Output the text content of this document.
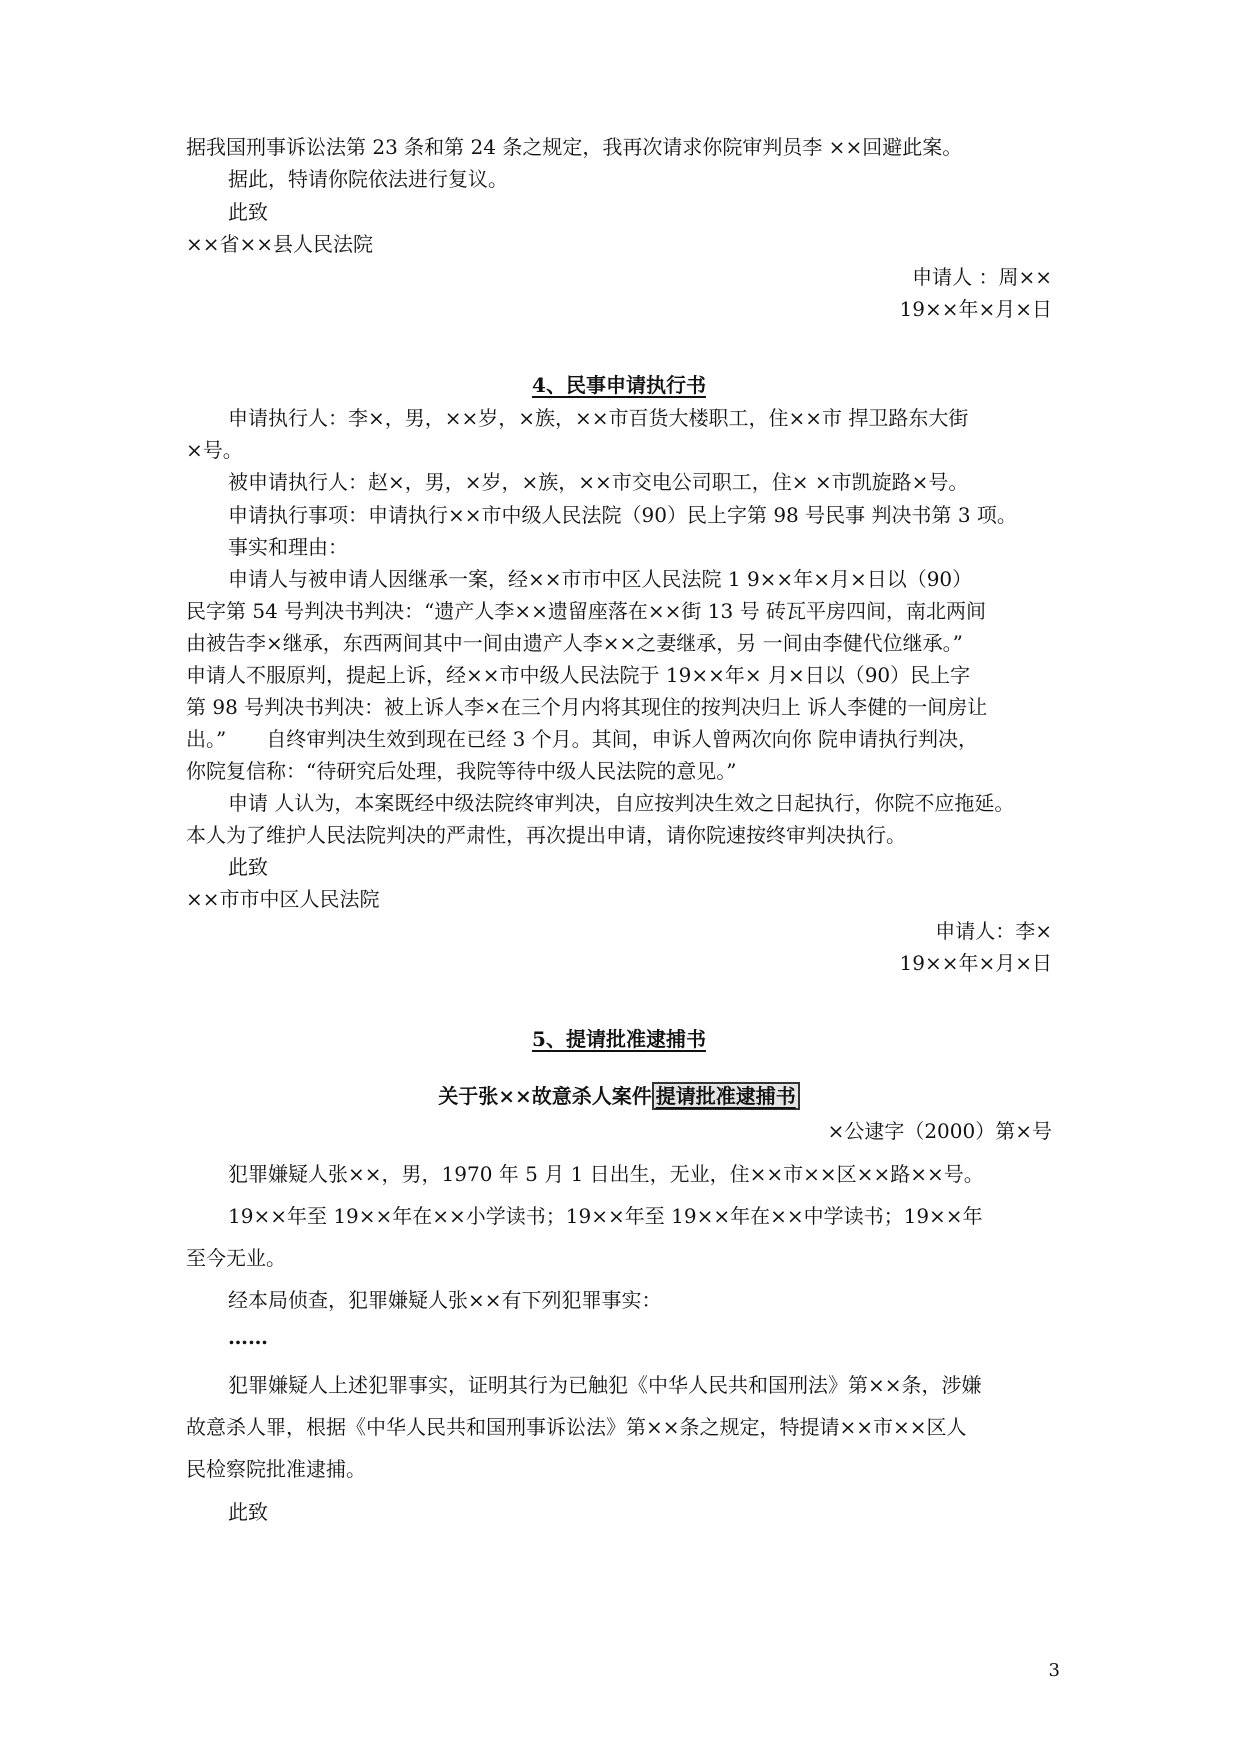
据我国刑事诉讼法第 23 条和第 24 条之规定，我再次请求你院审判员李 ××回避此案。

据此，特请你院依法进行复议。

此致

××省××县人民法院

申请人 ：周××

19××年×月×日

4、民事申请执行书

申请执行人：李×，男，××岁，×族，××市百货大楼职工，住××市 捍卫路东大街

×号。

被申请执行人：赵×，男，×岁，×族，××市交电公司职工，住× ×市凯旋路×号。

申请执行事项：申请执行××市中级人民法院（90）民上字第 98 号民事 判决书第 3 项。

事实和理由：

申请人与被申请人因继承一案，经××市市中区人民法院 1 9××年×月×日以（90）

民字第 54 号判决书判决：“遗产人李××遗留座落在××街 13 号 砖瓦平房四间，南北两间

由被告李×继承，东西两间其中一间由遗产人李××之妻继承，另 一间由李健代位继承。”

申请人不服原判，提起上诉，经××市中级人民法院于 19××年× 月×日以（90）民上字

第 98 号判决书判决：被上诉人李×在三个月内将其现住的按判决归上 诉人李健的一间房让

出。”　　自终审判决生效到现在已经 3 个月。其间，申诉人曾两次向你 院申请执行判决，

你院复信称：“待研究后处理，我院等待中级人民法院的意见。”

申请 人认为，本案既经中级法院终审判决，自应按判决生效之日起执行，你院不应拖延。

本人为了维护人民法院判决的严肃性，再次提出申请，请你院速按终审判决执行。

此致

××市市中区人民法院

申请人：李×

19××年×月×日

5、提请批准逮捕书

关于张××故意杀人案件 提请批准逮捕书

×公逮字（2000）第×号

犯罪嫌疑人张××，男，1970 年 5 月 1 日出生，无业，住××市××区××路××号。

19××年至 19××年在××小学读书；19××年至 19××年在××中学读书；19××年

至今无业。

经本局侦查，犯罪嫌疑人张××有下列犯罪事实：

……

犯罪嫌疑人上述犯罪事实，证明其行为已触犯《中华人民共和国刑法》第××条，涉嫌

故意杀人罪，根据《中华人民共和国刑事诉讼法》第××条之规定，特提请××市××区人

民检察院批准逮捕。

此致

3
